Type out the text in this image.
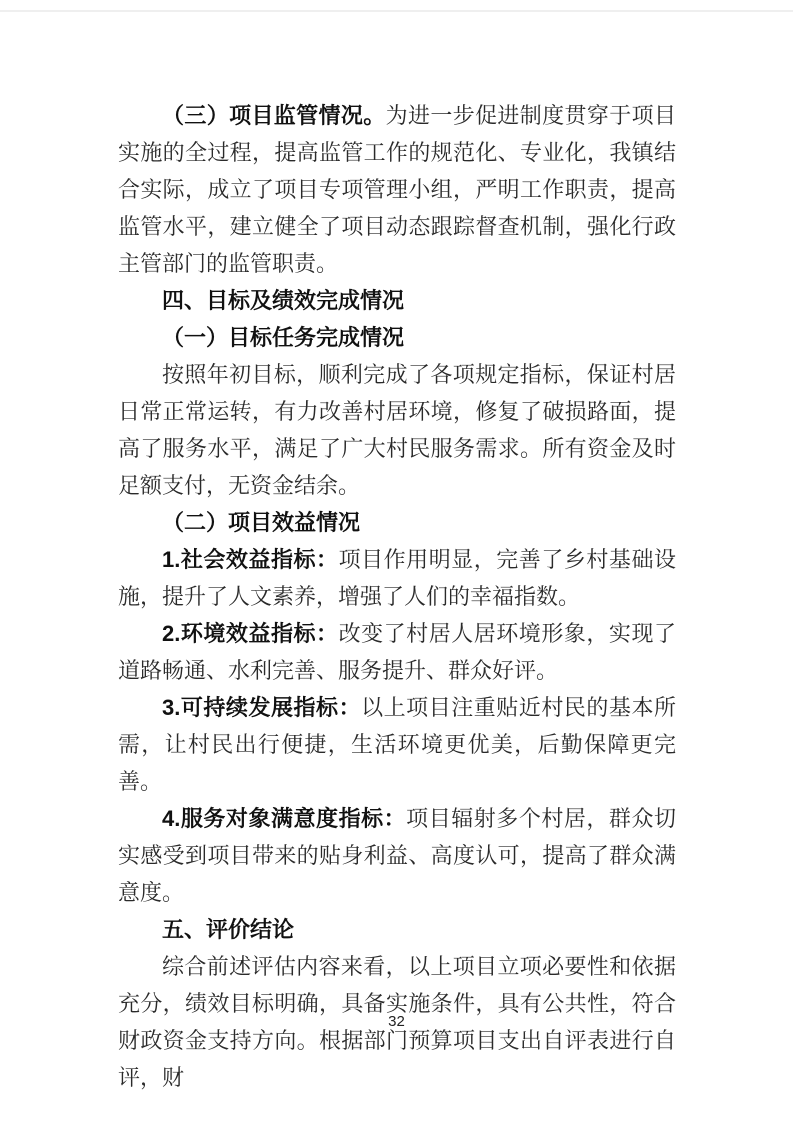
（三）项目监管情况。为进一步促进制度贯穿于项目实施的全过程，提高监管工作的规范化、专业化，我镇结合实际，成立了项目专项管理小组，严明工作职责，提高监管水平，建立健全了项目动态跟踪督查机制，强化行政主管部门的监管职责。

四、目标及绩效完成情况

（一）目标任务完成情况

按照年初目标，顺利完成了各项规定指标，保证村居日常正常运转，有力改善村居环境，修复了破损路面，提高了服务水平，满足了广大村民服务需求。所有资金及时足额支付，无资金结余。

（二）项目效益情况

1.社会效益指标：项目作用明显，完善了乡村基础设施，提升了人文素养，增强了人们的幸福指数。

2.环境效益指标：改变了村居人居环境形象，实现了道路畅通、水利完善、服务提升、群众好评。

3.可持续发展指标：以上项目注重贴近村民的基本所需，让村民出行便捷，生活环境更优美，后勤保障更完善。

4.服务对象满意度指标：项目辐射多个村居，群众切实感受到项目带来的贴身利益、高度认可，提高了群众满意度。

五、评价结论

综合前述评估内容来看，以上项目立项必要性和依据充分，绩效目标明确，具备实施条件，具有公共性，符合财政资金支持方向。根据部门预算项目支出自评表进行自评，财

32
